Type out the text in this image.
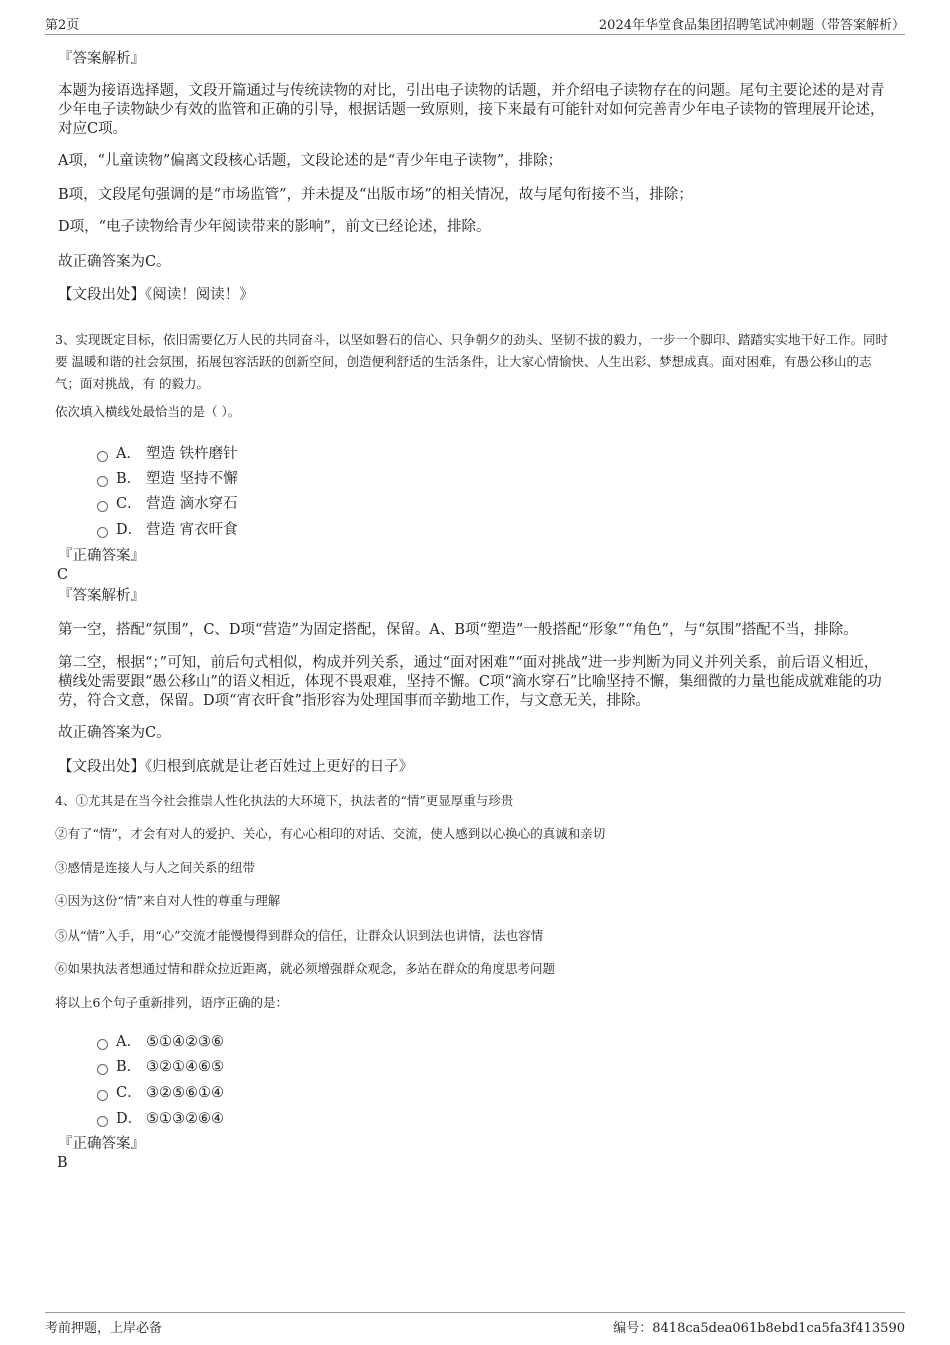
第2页	2024年华堂食品集团招聘笔试冲刺题（带答案解析）

『答案解析』

本题为接语选择题，文段开篇通过与传统读物的对比，引出电子读物的话题，并介绍电子读物存在的问题。尾句主要论述的是对青少年电子读物缺少有效的监管和正确的引导，根据话题一致原则，接下来最有可能针对如何完善青少年电子读物的管理展开论述，对应C项。

A项，“儿童读物”偏离文段核心话题，文段论述的是“青少年电子读物”，排除；

B项，文段尾句强调的是“市场监管”，并未提及“出版市场”的相关情况，故与尾句衔接不当，排除；

D项，“电子读物给青少年阅读带来的影响”，前文已经论述，排除。

故正确答案为C。

【文段出处】《阅读！阅读！》

3、实现既定目标，依旧需要亿万人民的共同奋斗，以坚如磐石的信心、只争朝夕的劲头、坚韧不拔的毅力，一步一个脚印、踏踏实实地干好工作。同时要 温暖和谐的社会氛围，拓展包容活跃的创新空间，创造便利舒适的生活条件，让大家心情愉快、人生出彩、梦想成真。面对困难，有愚公移山的志气；面对挑战，有 的毅力。

依次填入横线处最恰当的是（ ）。

A． 塑造 铁杵磨针
B． 塑造 坚持不懈
C． 营造 滴水穿石
D． 营造 宵衣旰食

『正确答案』

C

『答案解析』

第一空，搭配“氛围”，C、D项“营造”为固定搭配，保留。A、B项“塑造”一般搭配“形象”“角色”，与“氛围”搭配不当，排除。

第二空，根据“；”可知，前后句式相似，构成并列关系，通过“面对困难”“面对挑战”进一步判断为同义并列关系，前后语义相近，横线处需要跟“愚公移山”的语义相近，体现不畏艰难，坚持不懈。C项“滴水穿石”比喻坚持不懈，集细微的力量也能成就难能的功劳，符合文意，保留。D项“宵衣旰食”指形容为处理国事而辛勤地工作，与文意无关，排除。

故正确答案为C。

【文段出处】《归根到底就是让老百姓过上更好的日子》

4、①尤其是在当今社会推崇人性化执法的大环境下，执法者的“情”更显厚重与珍贵

②有了“情”，才会有对人的爱护、关心，有心心相印的对话、交流，使人感到以心换心的真诚和亲切

③感情是连接人与人之间关系的纽带

④因为这份“情”来自对人性的尊重与理解

⑤从“情”入手，用“心”交流才能慢慢得到群众的信任，让群众认识到法也讲情，法也容情

⑥如果执法者想通过情和群众拉近距离，就必须增强群众观念，多站在群众的角度思考问题

将以上6个句子重新排列，语序正确的是：

A． ⑤①④②③⑥
B． ③②①④⑥⑤
C． ③②⑤⑥①④
D． ⑤①③②⑥④

『正确答案』

B

考前押题，上岸必备	编号：8418ca5dea061b8ebd1ca5fa3f413590
